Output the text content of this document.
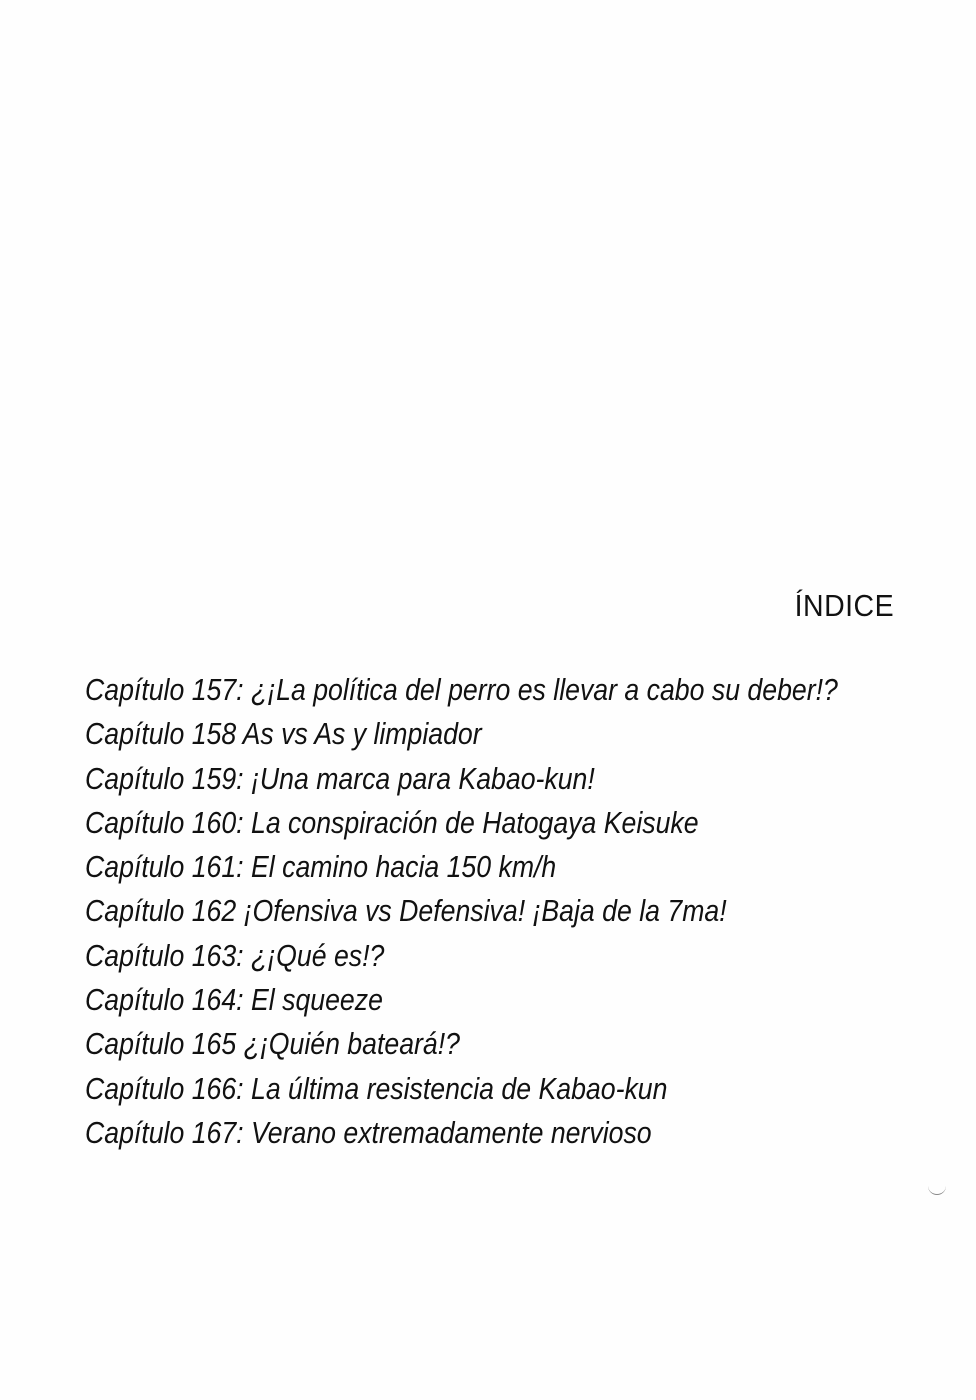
ÍNDICE
Capítulo 157: ¿¡La política del perro es llevar a cabo su deber!?
Capítulo 158 As vs As y limpiador
Capítulo 159: ¡Una marca para Kabao-kun!
Capítulo 160: La conspiración de Hatogaya Keisuke
Capítulo 161: El camino hacia 150 km/h
Capítulo 162 ¡Ofensiva vs Defensiva! ¡Baja de la 7ma!
Capítulo 163: ¿¡Qué es!?
Capítulo 164: El squeeze
Capítulo 165 ¿¡Quién bateará!?
Capítulo 166: La última resistencia de Kabao-kun
Capítulo 167: Verano extremadamente nervioso
